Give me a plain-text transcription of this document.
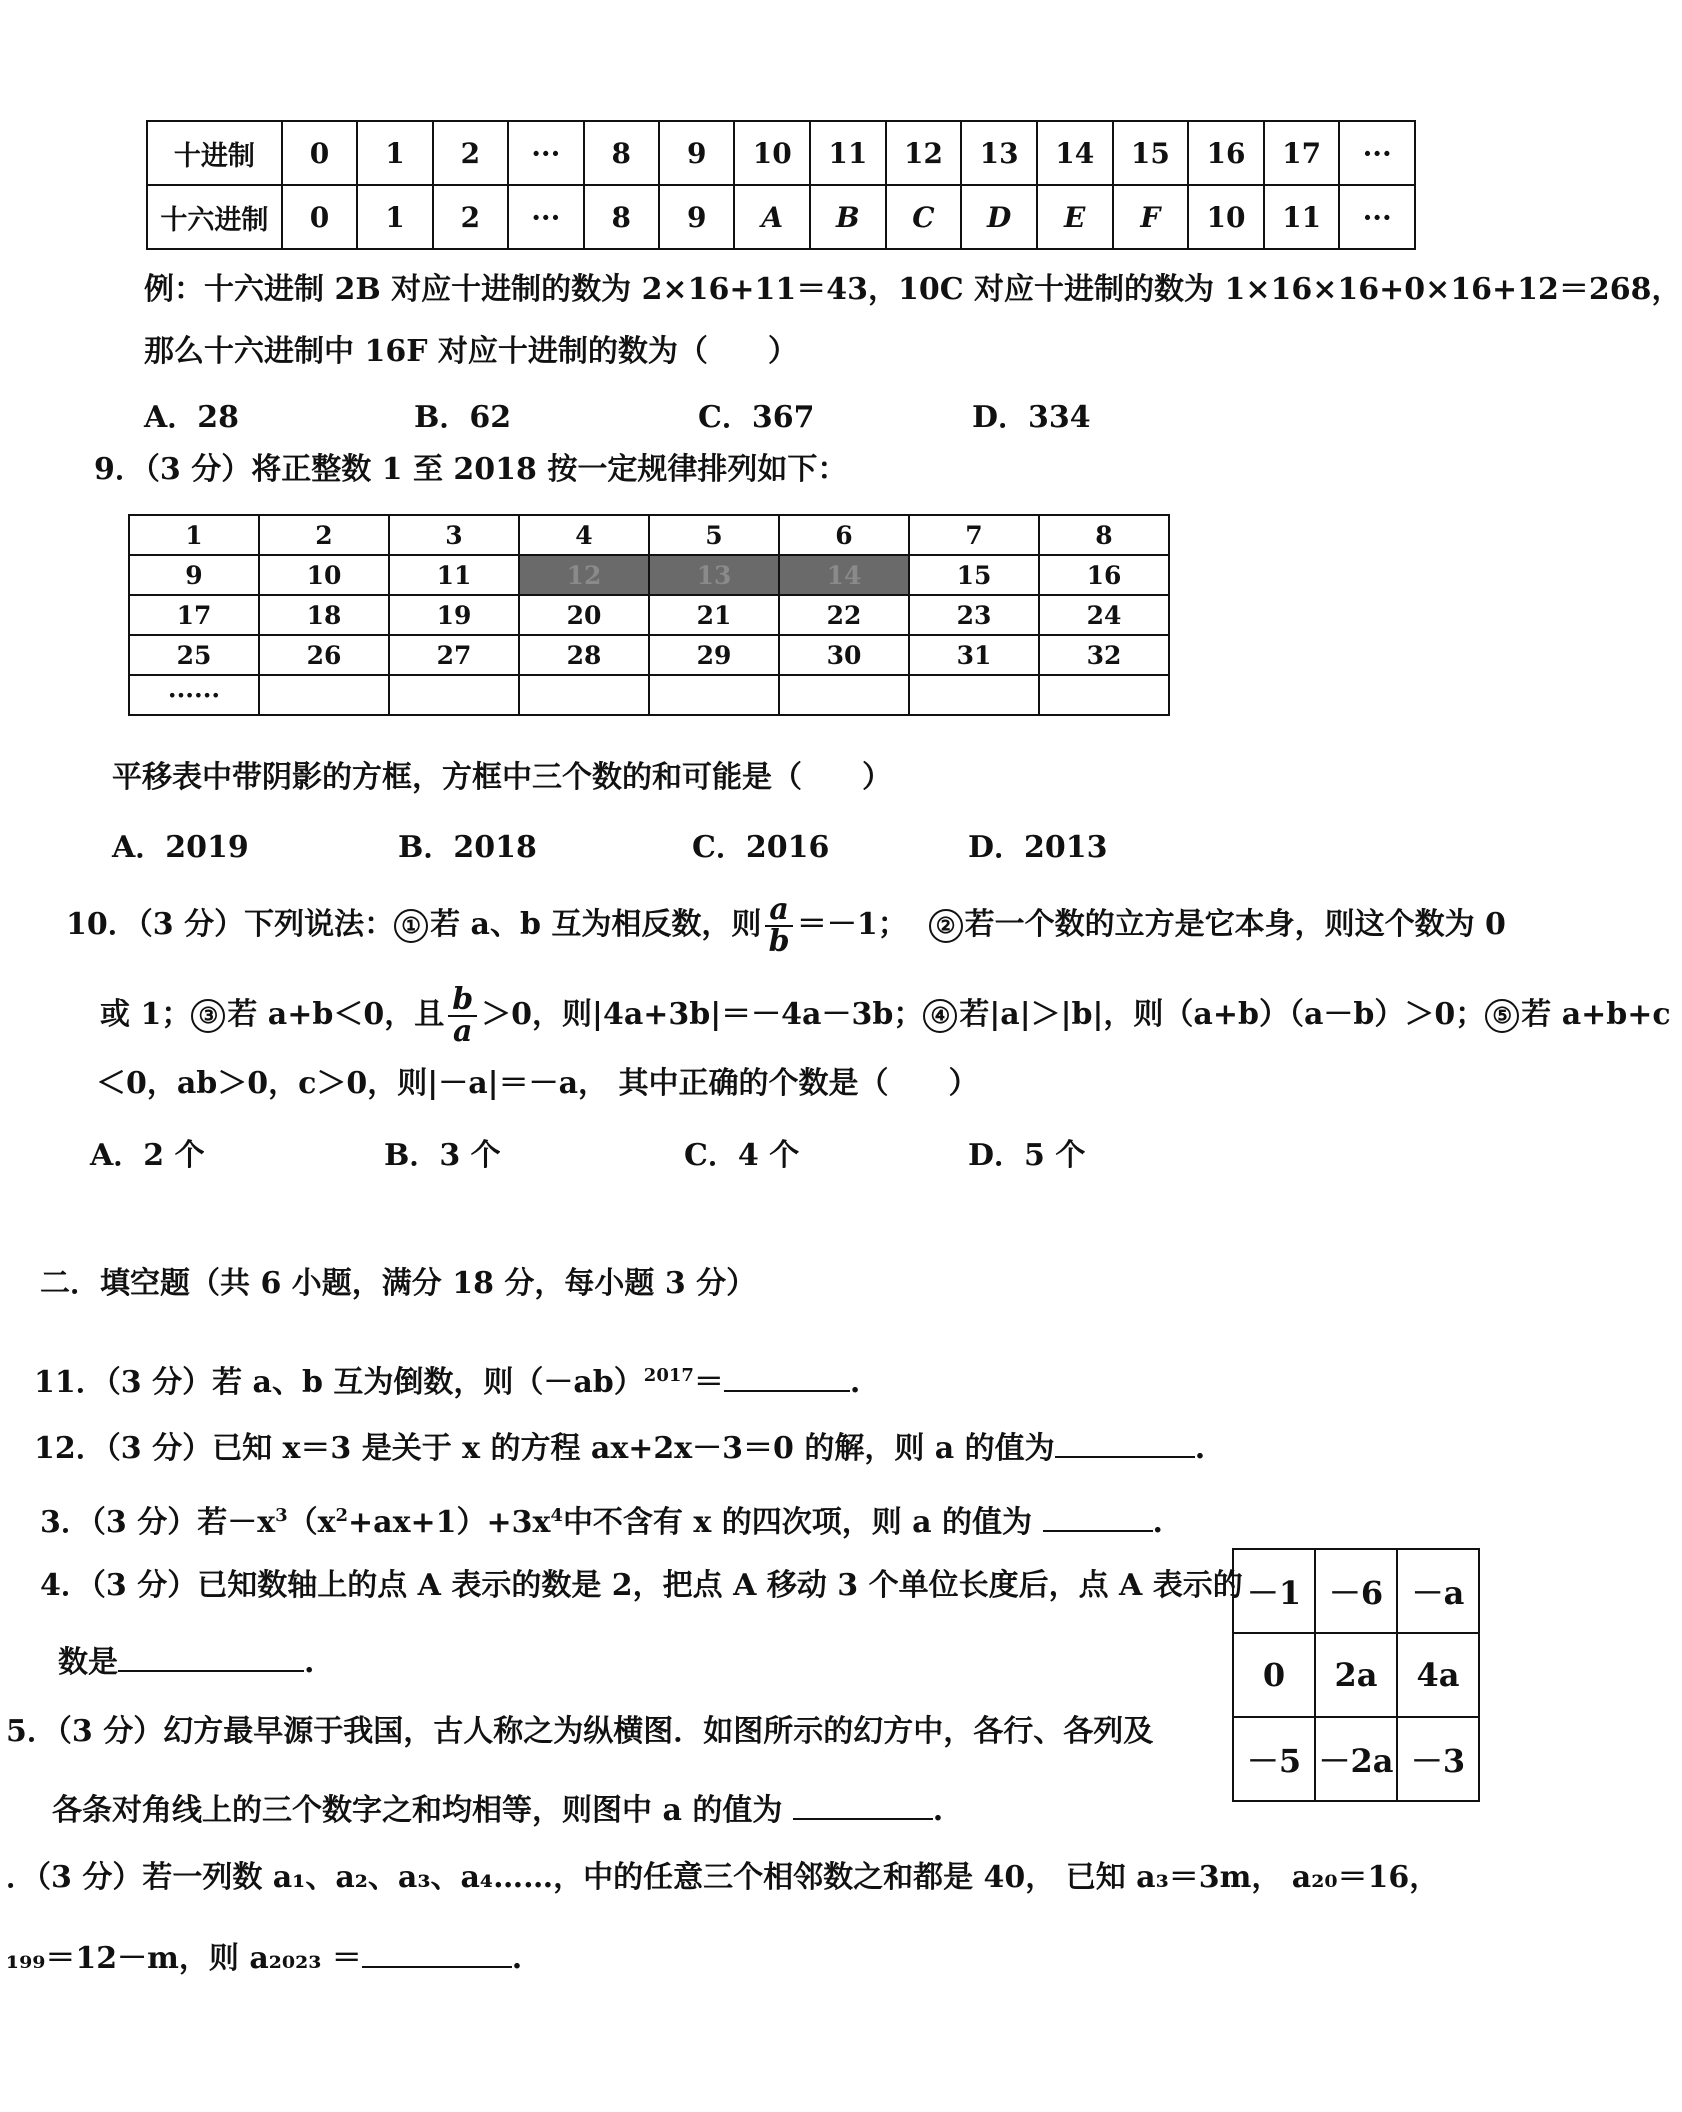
十进制	0	1	2	···	8	9	10	11	12	13	14	15	16	17	···
十六进制	0	1	2	···	8	9	A	B	C	D	E	F	10	11	···
例：十六进制 2B 对应十进制的数为 2×16+11＝43，10C 对应十进制的数为 1×16×16+0×16+12＝268，
那么十六进制中 16F 对应十进制的数为（　　）
A．28	B．62	C．367	D．334
9．（3 分）将正整数 1 至 2018 按一定规律排列如下：
1	2	3	4	5	6	7	8
9	10	11	12	13	14	15	16
17	18	19	20	21	22	23	24
25	26	27	28	29	30	31	32
······							
平移表中带阴影的方框，方框中三个数的和可能是（　　）
A．2019	B．2018	C．2016	D．2013
10．（3 分）下列说法： ① 若 a、b 互为相反数，则 $\frac{a}{b} =-1$； ② 若一个数的立方是它本身，则这个数为 0
或 1； ③ 若 a+b＜0，且 $\frac{b}{a} >0$，则|4a+3b|＝－4a－3b； ④ 若|a|＞|b|，则（a+b）（a－b）＞0； ⑤ 若 a+b+c
＜0，ab＞0，c＞0，则|－a|＝－a， 其中正确的个数是（　　）
A．2 个	B．3 个	C．4 个	D．5 个
二．填空题（共 6 小题，满分 18 分，每小题 3 分）
11．（3 分）若 a、b 互为倒数，则$(-ab)^{2017}=$	.
12．（3 分）已知 x＝3 是关于 x 的方程 ax+2x－3＝0 的解，则 a 的值为	.
3．（3 分）若$-x^3(x^2+ax+1)+3x^4$中不含有 x 的四次项，则 a 的值为	.
4．（3 分）已知数轴上的点 A 表示的数是 2，把点 A 移动 3 个单位长度后，点 A 表示的
数是	.
5．（3 分）幻方最早源于我国，古人称之为纵横图．如图所示的幻方中，各行、各列及
各条对角线上的三个数字之和均相等，则图中 a 的值为	.
－1	－6	－a
0	2a	4a
－5	－2a	－3
．（3 分）若一列数 a₁、a₂、a₃、a₄……，中的任意三个相邻数之和都是 40， 已知 a₃＝3m， a₂₀＝16，
₁₉₉＝12－m，则 a₂₀₂₃ ＝	.
